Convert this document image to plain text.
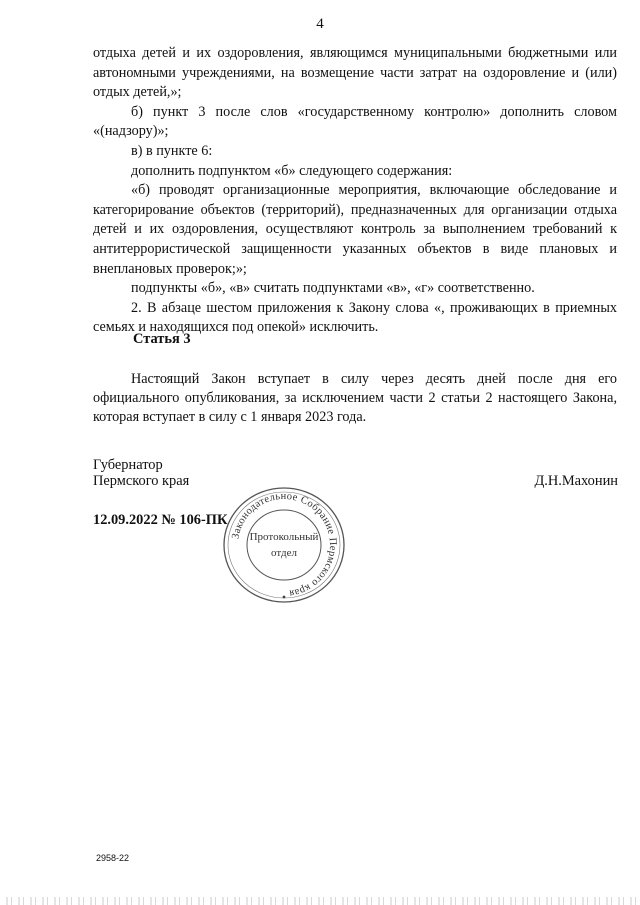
4

отдыха детей и их оздоровления, являющимся муниципальными бюджетными или автономными учреждениями, на возмещение части затрат на оздоровление и (или) отдых детей,»;

б) пункт 3 после слов «государственному контролю» дополнить словом «(надзору)»;

в) в пункте 6:

дополнить подпунктом «б» следующего содержания:

«б) проводят организационные мероприятия, включающие обследование и категорирование объектов (территорий), предназначенных для организации отдыха детей и их оздоровления, осуществляют контроль за выполнением требований к антитеррористической защищенности указанных объектов в виде плановых и внеплановых проверок;»;

подпункты «б», «в» считать подпунктами «в», «г» соответственно.

2. В абзаце шестом приложения к Закону слова «, проживающих в приемных семьях и находящихся под опекой» исключить.

Статья 3

Настоящий Закон вступает в силу через десять дней после дня его официального опубликования, за исключением части 2 статьи 2 настоящего Закона, которая вступает в силу с 1 января 2023 года.

Губернатор
Пермского края	Д.Н.Махонин
12.09.2022 № 106-ПК
Законодательное Собрание Пермского края
Протокольный
отдел
2958-22
